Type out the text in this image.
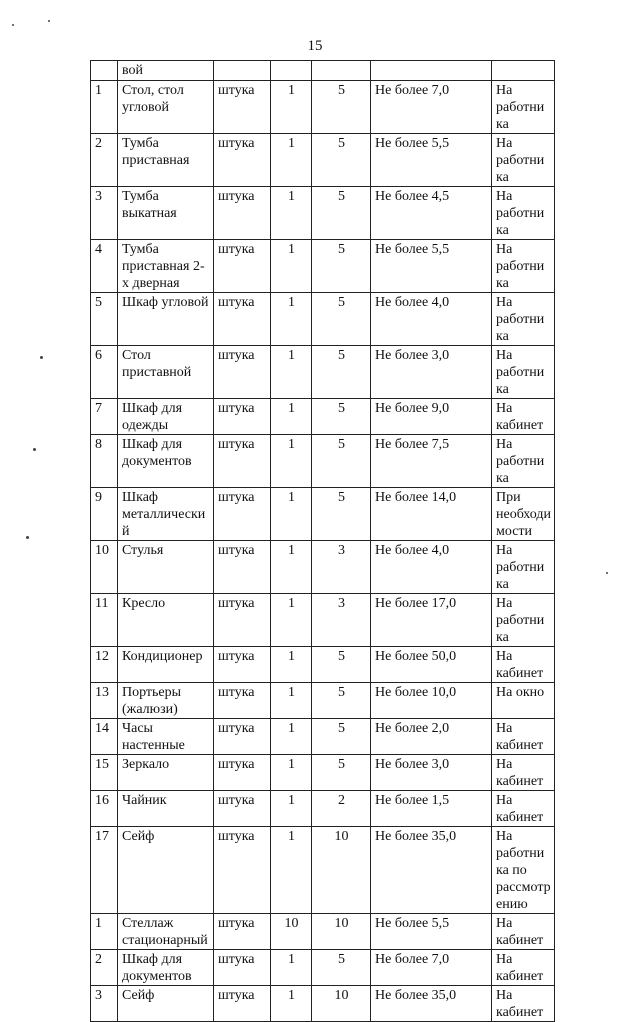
15
	вой					
1	Стол, стол угловой	штука	1	5	Не более 7,0	На работника
2	Тумба приставная	штука	1	5	Не более 5,5	На работника
3	Тумба выкатная	штука	1	5	Не более 4,5	На работника
4	Тумба приставная 2-х дверная	штука	1	5	Не более 5,5	На работника
5	Шкаф угловой	штука	1	5	Не более 4,0	На работника
6	Стол приставной	штука	1	5	Не более 3,0	На работника
7	Шкаф для одежды	штука	1	5	Не более 9,0	На кабинет
8	Шкаф для документов	штука	1	5	Не более 7,5	На работника
9	Шкаф металлический	штука	1	5	Не более 14,0	При необходимости
10	Стулья	штука	1	3	Не более 4,0	На работника
11	Кресло	штука	1	3	Не более 17,0	На работника
12	Кондиционер	штука	1	5	Не более 50,0	На кабинет
13	Портьеры (жалюзи)	штука	1	5	Не более 10,0	На окно
14	Часы настенные	штука	1	5	Не более 2,0	На кабинет
15	Зеркало	штука	1	5	Не более 3,0	На кабинет
16	Чайник	штука	1	2	Не более 1,5	На кабинет
17	Сейф	штука	1	10	Не более 35,0	На работника по рассмотрению
1	Стеллаж стационарный	штука	10	10	Не более 5,5	На кабинет
2	Шкаф для документов	штука	1	5	Не более 7,0	На кабинет
3	Сейф	штука	1	10	Не более 35,0	На кабинет
